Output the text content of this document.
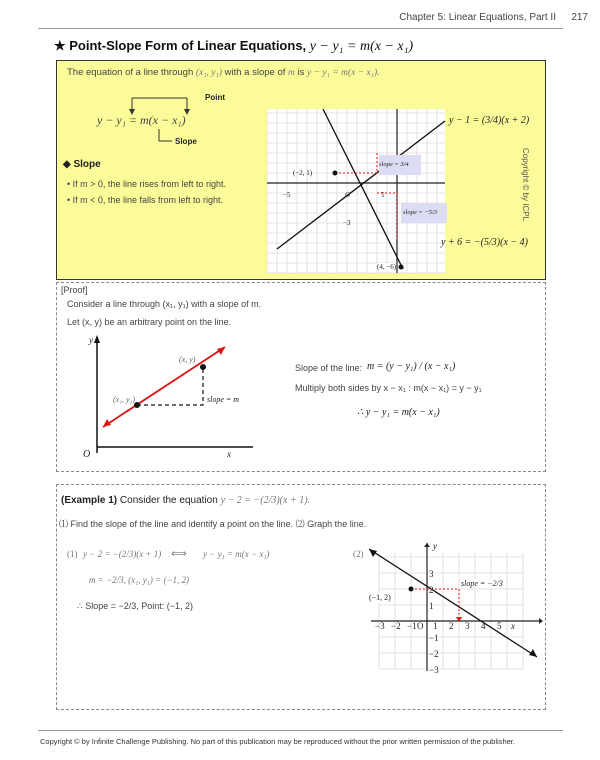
Chapter 5: Linear Equations, Part II 217
★ Point-Slope Form of Linear Equations, y − y₁ = m(x − x₁)
The equation of a line through (x₁, y₁) with a slope of m is y − y₁ = m(x − x₁).
Point
y − y₁ = m(x − x₁)
Slope
◆ Slope
• If m > 0, the line rises from left to right.
• If m < 0, the line falls from left to right.
(−2, 1)
(4, −6)
slope = 3/4
slope = −5/3
−5	5
O
−3
y − 1 = (3/4)(x + 2)
y + 6 = −(5/3)(x − 4)
Copyright © by ICPL
[Proof]
Consider a line through (x₁, y₁) with a slope of m.
Let (x, y) be an arbitrary point on the line.
y
x
O
(x₁, y₁)
(x, y)
slope = m
Slope of the line: m = (y − y₁) / (x − x₁)
Multiply both sides by x − x₁ : m(x − x₁) = y − y₁
∴ y − y₁ = m(x − x₁)
(Example 1) Consider the equation y − 2 = −(2/3)(x + 1).
⑴ Find the slope of the line and identify a point on the line. ⑵ Graph the line.
(1) y − 2 = −(2/3)(x + 1) ⟺ y − y₁ = m(x − x₁)
m = −2/3, (x₁, y₁) = (−1, 2)
∴ Slope = −2/3, Point: (−1, 2)
(2)
y
x
O
(−1, 2)
slope = −2/3
−3 −2 −1 1 2 3 4 5
3
2
1
−1
−2
−3
Copyright © by Infinite Challenge Publishing. No part of this publication may be reproduced without the prior written permission of the publisher.
